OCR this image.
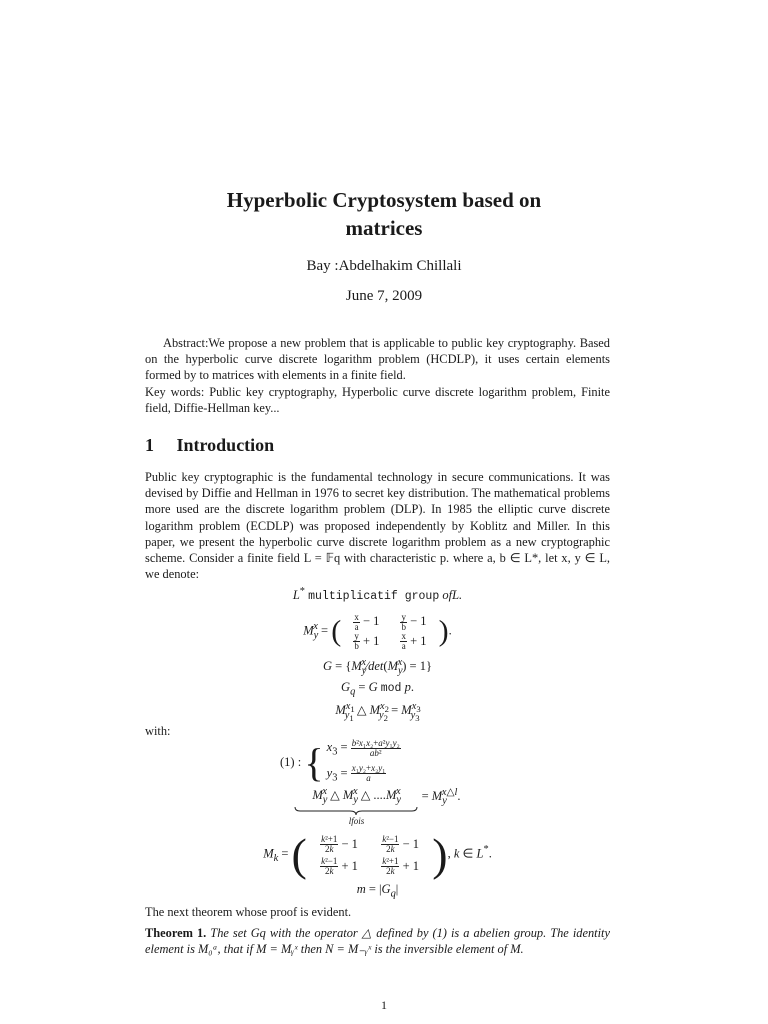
Hyperbolic Cryptosystem based on
matrices
Bay :Abdelhakim Chillali
June 7, 2009
Abstract:We propose a new problem that is applicable to public key cryptography. Based on the hyperbolic curve discrete logarithm problem (HCDLP), it uses certain elements formed by to matrices with elements in a finite field.
Key words: Public key cryptography, Hyperbolic curve discrete logarithm problem, Finite field, Diffie-Hellman key...
1 Introduction
Public key cryptographic is the fundamental technology in secure communications. It was devised by Diffie and Hellman in 1976 to secret key distribution. The mathematical problems more used are the discrete logarithm problem (DLP). In 1985 the elliptic curve discrete logarithm problem (ECDLP) was proposed independently by Koblitz and Miller. In this paper, we present the hyperbolic curve discrete logarithm problem as a new cryptographic scheme. Consider a finite field L = 𝔽q with characteristic p. where a, b ∈ L*, let x, y ∈ L, we denote:
L* multiplicatif group ofL.
$M_y^x$ = ( $\frac{x}{a} - 1 \frac{y}{b} - 1$
$\frac{y}{b} + 1 \frac{x}{a} + 1$ ).
$G = \{M_y^x⁄\det(M_y^x) = 1\}$
$G_q = G$ mod p.
$M^{x_1}_{y_1}$ △ $M^{x_2}_{y_2} = M^{x_3}_{y_3}$
with:
(1) : { $x_3 = \frac{\text{b²x₁x₂+a²y₁y₂}}{\text{ab²}}$
$y_3 = \frac{\text{x₁y₂+x₂y₁}}{a}$
$M_y^x$ △ $M_y^x$ △ $....M_y^x$
lfois
= $M_y^{x\triangle l}$.
$M_k$ = ( $\frac{\text{k²+1}}{2k} - 1$	$\frac{\text{k²−1}}{2k} - 1$
$\frac{\text{k²−1}}{2k} + 1$	$\frac{\text{k²+1}}{2k} + 1$ ), k ∈ L*.
$m = |G_q|$
The next theorem whose proof is evident.
Theorem 1. The set Gq with the operator △ defined by (1) is a abelien group. The identity element is M₀ᵃ, that if M = Mᵧˣ then N = M₋ᵧˣ is the inversible element of M.
1
